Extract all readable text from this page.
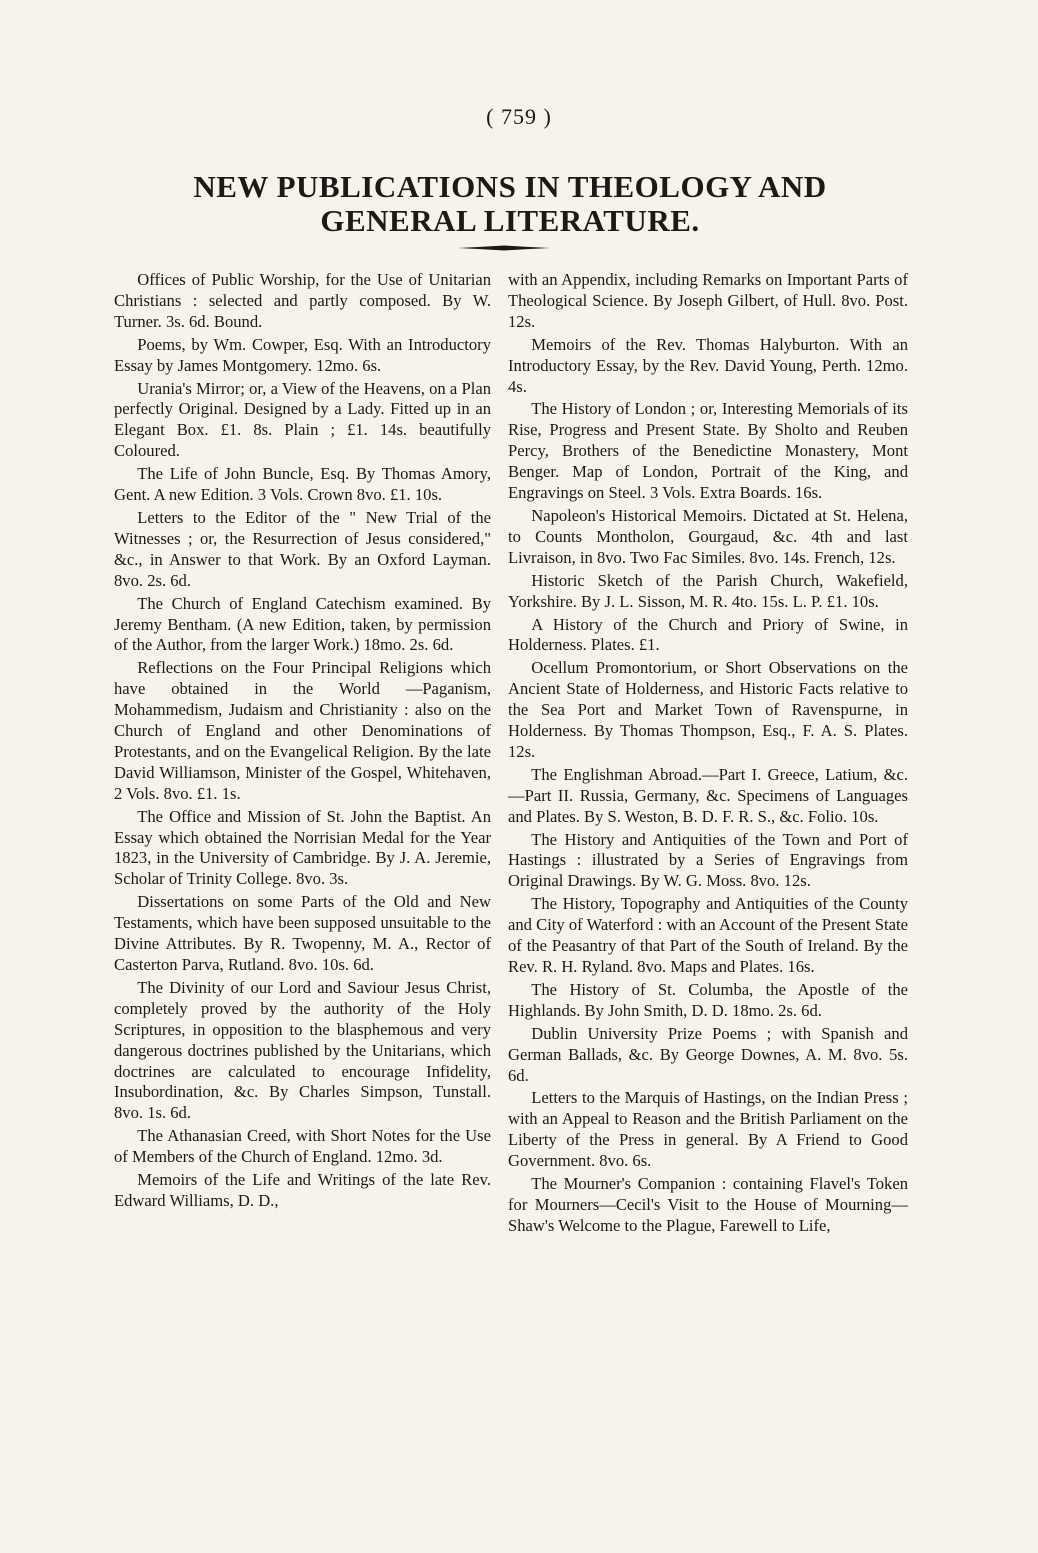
( 759 )
NEW PUBLICATIONS IN THEOLOGY AND
GENERAL LITERATURE.

Offices of Public Worship, for the Use of Unitarian Christians : selected and partly composed. By W. Turner. 3s. 6d. Bound.

Poems, by Wm. Cowper, Esq. With an Introductory Essay by James Montgomery. 12mo. 6s.

Urania's Mirror; or, a View of the Heavens, on a Plan perfectly Original. Designed by a Lady. Fitted up in an Elegant Box. £1. 8s. Plain ; £1. 14s. beautifully Coloured.

The Life of John Buncle, Esq. By Thomas Amory, Gent. A new Edition. 3 Vols. Crown 8vo. £1. 10s.

Letters to the Editor of the " New Trial of the Witnesses ; or, the Resurrection of Jesus considered," &c., in Answer to that Work. By an Oxford Layman. 8vo. 2s. 6d.

The Church of England Catechism examined. By Jeremy Bentham. (A new Edition, taken, by permission of the Author, from the larger Work.) 18mo. 2s. 6d.

Reflections on the Four Principal Religions which have obtained in the World —Paganism, Mohammedism, Judaism and Christianity : also on the Church of England and other Denominations of Protestants, and on the Evangelical Religion. By the late David Williamson, Minister of the Gospel, Whitehaven, 2 Vols. 8vo. £1. 1s.

The Office and Mission of St. John the Baptist. An Essay which obtained the Norrisian Medal for the Year 1823, in the University of Cambridge. By J. A. Jeremie, Scholar of Trinity College. 8vo. 3s.

Dissertations on some Parts of the Old and New Testaments, which have been supposed unsuitable to the Divine Attributes. By R. Twopenny, M. A., Rector of Casterton Parva, Rutland. 8vo. 10s. 6d.

The Divinity of our Lord and Saviour Jesus Christ, completely proved by the authority of the Holy Scriptures, in opposition to the blasphemous and very dangerous doctrines published by the Unitarians, which doctrines are calculated to encourage Infidelity, Insubordination, &c. By Charles Simpson, Tunstall. 8vo. 1s. 6d.

The Athanasian Creed, with Short Notes for the Use of Members of the Church of England. 12mo. 3d.

Memoirs of the Life and Writings of the late Rev. Edward Williams, D. D.,

with an Appendix, including Remarks on Important Parts of Theological Science. By Joseph Gilbert, of Hull. 8vo. Post. 12s.

Memoirs of the Rev. Thomas Halyburton. With an Introductory Essay, by the Rev. David Young, Perth. 12mo. 4s.

The History of London ; or, Interesting Memorials of its Rise, Progress and Present State. By Sholto and Reuben Percy, Brothers of the Benedictine Monastery, Mont Benger. Map of London, Portrait of the King, and Engravings on Steel. 3 Vols. Extra Boards. 16s.

Napoleon's Historical Memoirs. Dictated at St. Helena, to Counts Montholon, Gourgaud, &c. 4th and last Livraison, in 8vo. Two Fac Similes. 8vo. 14s. French, 12s.

Historic Sketch of the Parish Church, Wakefield, Yorkshire. By J. L. Sisson, M. R. 4to. 15s. L. P. £1. 10s.

A History of the Church and Priory of Swine, in Holderness. Plates. £1.

Ocellum Promontorium, or Short Observations on the Ancient State of Holderness, and Historic Facts relative to the Sea Port and Market Town of Ravenspurne, in Holderness. By Thomas Thompson, Esq., F. A. S. Plates. 12s.

The Englishman Abroad.—Part I. Greece, Latium, &c.—Part II. Russia, Germany, &c. Specimens of Languages and Plates. By S. Weston, B. D. F. R. S., &c. Folio. 10s.

The History and Antiquities of the Town and Port of Hastings : illustrated by a Series of Engravings from Original Drawings. By W. G. Moss. 8vo. 12s.

The History, Topography and Antiquities of the County and City of Waterford : with an Account of the Present State of the Peasantry of that Part of the South of Ireland. By the Rev. R. H. Ryland. 8vo. Maps and Plates. 16s.

The History of St. Columba, the Apostle of the Highlands. By John Smith, D. D. 18mo. 2s. 6d.

Dublin University Prize Poems ; with Spanish and German Ballads, &c. By George Downes, A. M. 8vo. 5s. 6d.

Letters to the Marquis of Hastings, on the Indian Press ; with an Appeal to Reason and the British Parliament on the Liberty of the Press in general. By A Friend to Good Government. 8vo. 6s.

The Mourner's Companion : containing Flavel's Token for Mourners—Cecil's Visit to the House of Mourning—Shaw's Welcome to the Plague, Farewell to Life,
